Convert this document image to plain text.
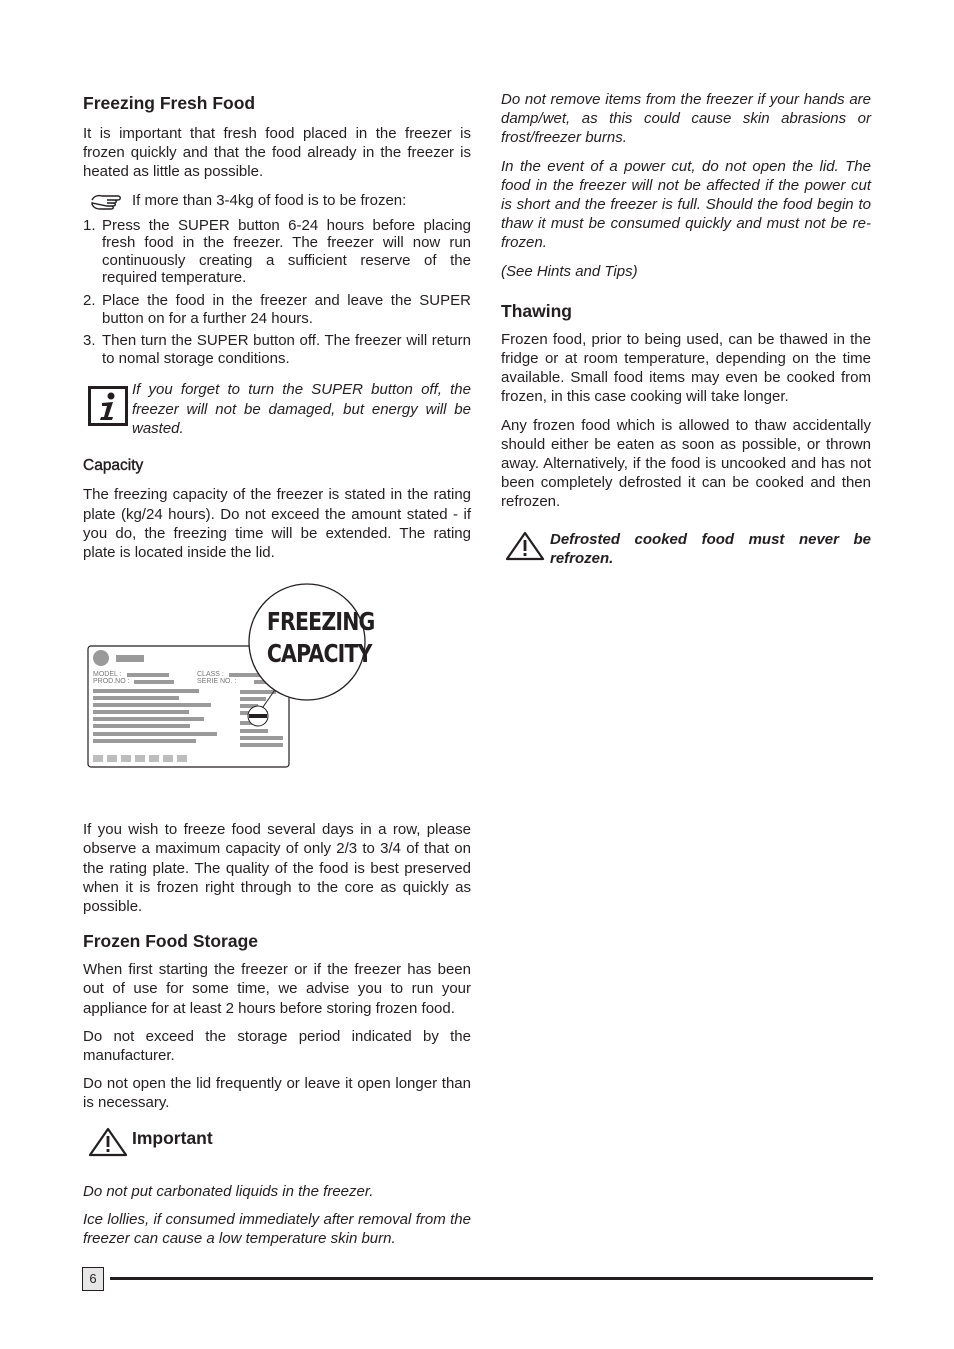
Freezing Fresh Food

It is important that fresh food placed in the freezer is frozen quickly and that the food already in the freezer is heated as little as possible.

If more than 3-4kg of food is to be frozen:
1. Press the SUPER button 6-24 hours before placing fresh food in the freezer. The freezer will now run continuously creating a sufficient reserve of the required temperature.
2. Place the food in the freezer and leave the SUPER button on for a further 24 hours.
3. Then turn the SUPER button off. The freezer will return to nomal storage conditions.

If you forget to turn the SUPER button off, the freezer will not be damaged, but energy will be wasted.

Capacity

The freezing capacity of the freezer is stated in the rating plate (kg/24 hours). Do not exceed the amount stated - if you do, the freezing time will be extended. The rating plate is located inside the lid.

MODEL :
PROD.NO :
CLASS :
SERIE NO. :
FREEZING
CAPACITY

If you wish to freeze food several days in a row, please observe a maximum capacity of only 2/3 to 3/4 of that on the rating plate. The quality of the food is best preserved when it is frozen right through to the core as quickly as possible.

Frozen Food Storage

When first starting the freezer or if the freezer has been out of use for some time, we advise you to run your appliance for at least 2 hours before storing frozen food.

Do not exceed the storage period indicated by the manufacturer.

Do not open the lid frequently or leave it open longer than is necessary.

Important

Do not put carbonated liquids in the freezer.

Ice lollies, if consumed immediately after removal from the freezer can cause a low temperature skin burn.

Do not remove items from the freezer if your hands are damp/wet, as this could cause skin abrasions or frost/freezer burns.

In the event of a power cut, do not open the lid. The food in the freezer will not be affected if the power cut is short and the freezer is full. Should the food begin to thaw it must be consumed quickly and must not be re-frozen.

(See Hints and Tips)

Thawing

Frozen food, prior to being used, can be thawed in the fridge or at room temperature, depending on the time available. Small food items may even be cooked from frozen, in this case cooking will take longer.

Any frozen food which is allowed to thaw accidentally should either be eaten as soon as possible, or thrown away. Alternatively, if the food is uncooked and has not been completely defrosted it can be cooked and then refrozen.

Defrosted cooked food must never be refrozen.

6
